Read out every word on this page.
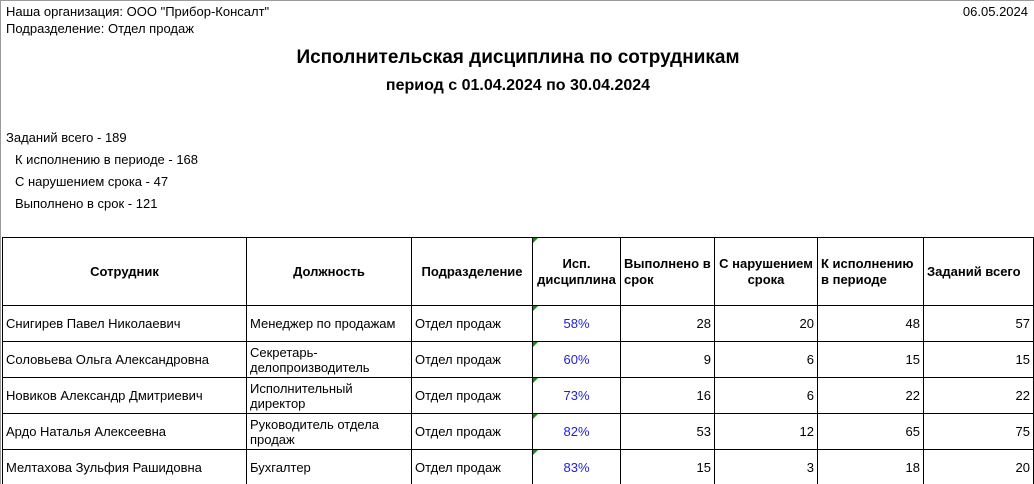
Наша организация: ООО "Прибор-Консалт"
Подразделение: Отдел продаж
06.05.2024
Исполнительская дисциплина по сотрудникам
период с 01.04.2024 по 30.04.2024
Заданий всего - 189
К исполнению в периоде - 168
С нарушением срока - 47
Выполнено в срок - 121
Сотрудник	Должность	Подразделение	Исп. дисциплина	Выполнено в срок	С нарушением срока	К исполнению в периоде	Заданий всего
Снигирев Павел Николаевич	Менеджер по продажам	Отдел продаж	58%	28	20	48	57
Соловьева Ольга Александровна	Секретарь-делопроизводитель	Отдел продаж	60%	9	6	15	15
Новиков Александр Дмитриевич	Исполнительный директор	Отдел продаж	73%	16	6	22	22
Ардо Наталья Алексеевна	Руководитель отдела продаж	Отдел продаж	82%	53	12	65	75
Мелтахова Зульфия Рашидовна	Бухгалтер	Отдел продаж	83%	15	3	18	20
